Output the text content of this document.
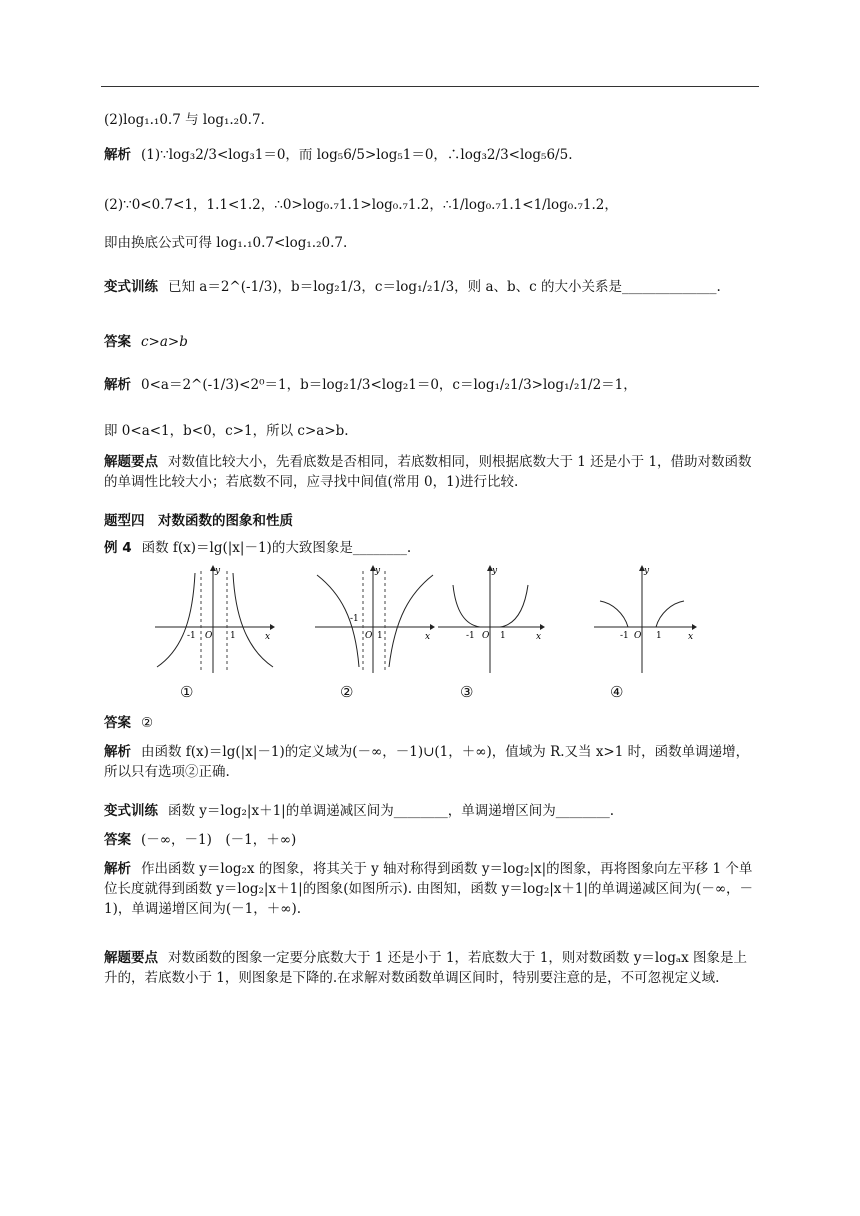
(2)log₁.₁0.7 与 log₁.₂0.7.
解析 (1)∵log₃2/3<log₃1＝0，而 log₅6/5>log₅1＝0，∴log₃2/3<log₅6/5.
(2)∵0<0.7<1，1.1<1.2，∴0>log₀.₇1.1>log₀.₇1.2，∴1/log₀.₇1.1<1/log₀.₇1.2，
即由换底公式可得 log₁.₁0.7<log₁.₂0.7.
变式训练 已知 a＝2^(-1/3)，b＝log₂1/3，c＝log₁/₂1/3，则 a、b、c 的大小关系是______________.
答案 c>a>b
解析 0<a＝2^(-1/3)<2⁰＝1，b＝log₂1/3<log₂1＝0，c＝log₁/₂1/3>log₁/₂1/2＝1，
即 0<a<1，b<0，c>1，所以 c>a>b.
解题要点 对数值比较大小，先看底数是否相同，若底数相同，则根据底数大于 1 还是小于 1，借助对数函数的单调性比较大小；若底数不同，应寻找中间值(常用 0，1)进行比较.
题型四　对数函数的图象和性质
例 4 函数 f(x)＝lg(|x|－1)的大致图象是________.
y
x
-1 O 1
①
y
x
-1
O 1
②
y
x
-1 O 1
③
y
x
-1 O 1
④
答案 ②
解析 由函数 f(x)＝lg(|x|－1)的定义域为(－∞，－1)∪(1，＋∞)，值域为 R.又当 x>1 时，函数单调递增，所以只有选项②正确.
变式训练 函数 y＝log₂|x＋1|的单调递减区间为________，单调递增区间为________.
答案 (－∞，－1)　(－1，＋∞)
解析 作出函数 y＝log₂x 的图象，将其关于 y 轴对称得到函数 y＝log₂|x|的图象，再将图象向左平移 1 个单位长度就得到函数 y＝log₂|x＋1|的图象(如图所示). 由图知，函数 y＝log₂|x＋1|的单调递减区间为(－∞，－1)，单调递增区间为(－1，＋∞).
解题要点 对数函数的图象一定要分底数大于 1 还是小于 1，若底数大于 1，则对数函数 y＝logₐx 图象是上升的，若底数小于 1，则图象是下降的.在求解对数函数单调区间时，特别要注意的是，不可忽视定义域.
